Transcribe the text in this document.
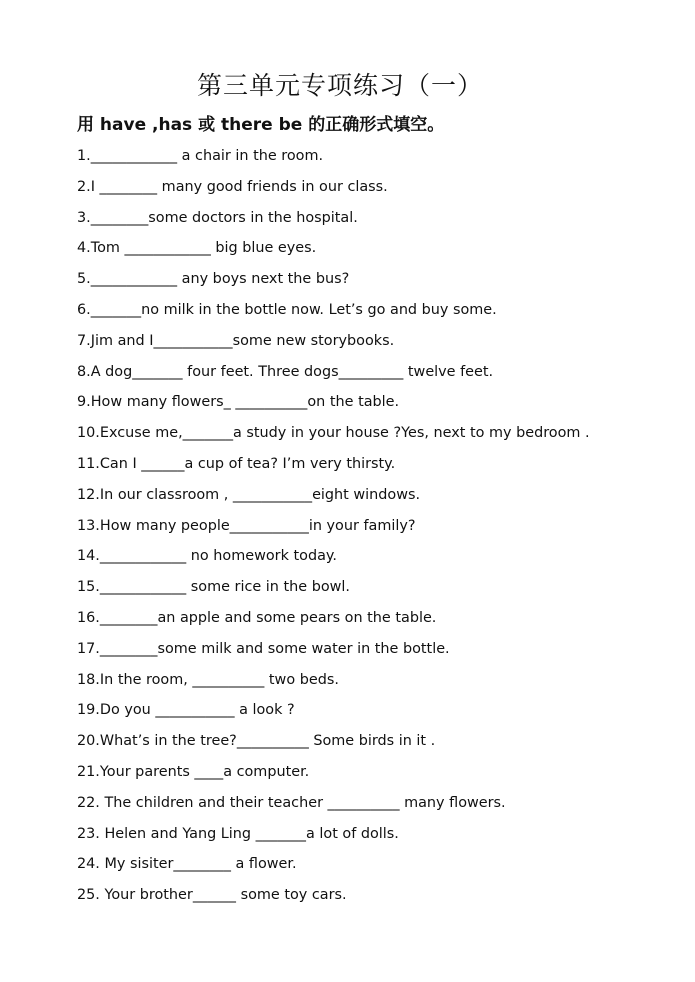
第三单元专项练习（一）
用 have ,has 或 there be 的正确形式填空。
1.____________ a chair in the room.
2.I ________ many good friends in our class.
3.________some doctors in the hospital.
4.Tom ____________ big blue eyes.
5.____________ any boys next the bus?
6._______no milk in the bottle now. Let’s go and buy some.
7.Jim and I___________some new storybooks.
8.A dog_______ four feet. Three dogs_________ twelve feet.
9.How many flowers_ __________on the table.
10.Excuse me,_______a study in your house ?Yes, next to my bedroom .
11.Can I ______a cup of tea? I’m very thirsty.
12.In our classroom , ___________eight windows.
13.How many people___________in your family?
14.____________ no homework today.
15.____________ some rice in the bowl.
16.________an apple and some pears on the table.
17.________some milk and some water in the bottle.
18.In the room, __________ two beds.
19.Do you ___________ a look ?
20.What’s in the tree?__________ Some birds in it .
21.Your parents ____a computer.
22. The children and their teacher __________ many flowers.
23. Helen and Yang Ling _______a lot of dolls.
24. My sisiter________ a flower.
25. Your brother______ some toy cars.
